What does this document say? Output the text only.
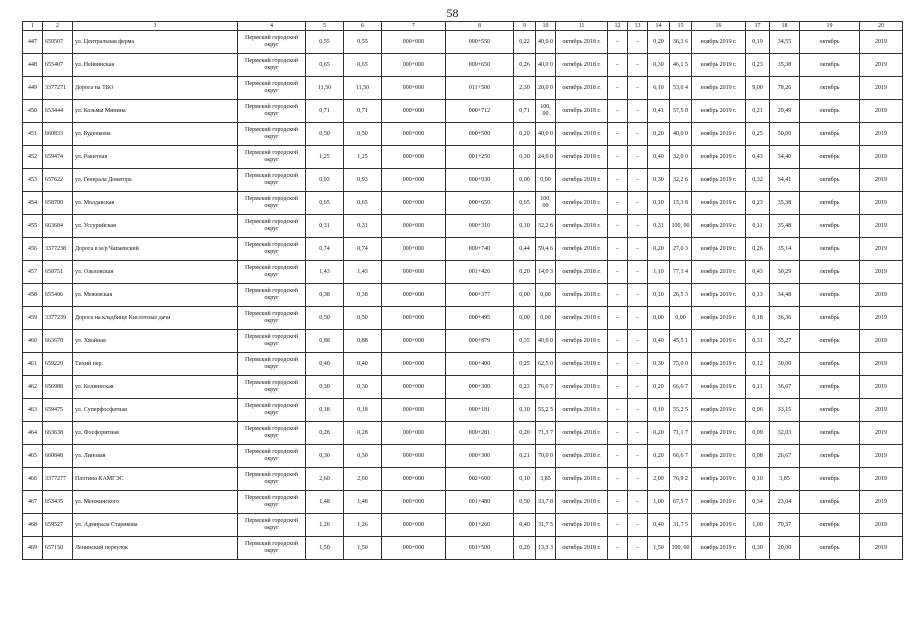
58
1	2	3	4	5	6	7	8	9	10	11	12	13	14	15	16	17	18	19	20
447	659507	ул. Центральная ферма	Пермский городской округ	0,55	0,55	000+000	000+550	0,22	40,0 0	октябрь 2018 г.	–	–	0,20	36,3 6	ноябрь 2019 г.	0,19	34,55	октябрь	2019
448	655407	ул. Нейвинская	Пермский городской округ	0,65	0,65	000+000	000+650	0,26	40,0 0	октябрь 2018 г.	–	–	0,30	46,1 5	ноябрь 2019 г.	0,23	35,38	октябрь	2019
449	3377271	Дорога на ТБО	Пермский городской округ	11,50	11,50	000+000	011+500	2,30	20,0 0	октябрь 2018 г.	–	–	6,10	53,0 4	ноябрь 2019 г.	9,00	78,26	октябрь	2019
450	653444	ул. Козьмы Минина	Пермский городской округ	0,71	0,71	000+000	000+712	0,71	100, 00	октябрь 2018 г.	–	–	0,41	57,5 8	ноябрь 2019 г.	0,21	29,49	октябрь	2019
451	660833	ул. Буденкома	Пермский городской округ	0,50	0,50	000+000	000+500	0,20	40,0 0	октябрь 2018 г.	–	–	0,20	40,0 0	ноябрь 2019 г.	0,25	50,00	октябрь	2019
452	659474	ул. Ракитная	Пермский городской округ	1,25	1,25	000+000	001+250	0,30	24,0 0	октябрь 2018 г.	–	–	0,40	32,0 0	ноябрь 2019 г.	0,43	34,40	октябрь	2019
453	657622	ул. Генерала Доватора	Пермский городской округ	0,93	0,93	000+000	000+930	0,00	0,00	октябрь 2018 г.	–	–	0,30	32,2 6	ноябрь 2019 г.	0,32	34,41	октябрь	2019
454	658700	ул. Молдавская	Пермский городской округ	0,65	0,65	000+000	000+650	0,65	100, 00	октябрь 2018 г.	–	–	0,10	15,3 8	ноябрь 2019 г.	0,23	35,38	октябрь	2019
455	663684	ул. Уссурийская	Пермский городской округ	0,31	0,31	000+000	000+310	0,10	32,2 6	октябрь 2018 г.	–	–	0,31	100, 00	ноябрь 2019 г.	0,11	35,48	октябрь	2019
456	3377238	Дорога в м/р Чапаевский	Пермский городской округ	0,74	0,74	000+000	000+740	0,44	59,4 6	октябрь 2018 г.	–	–	0,20	27,0 3	ноябрь 2019 г.	0,26	35,14	октябрь	2019
457	658751	ул. Ольховская	Пермский городской округ	1,43	1,43	000+000	001+426	0,20	14,0 3	октябрь 2018 г.	–	–	1,10	77,1 4	ноябрь 2019 г.	0,43	30,29	октябрь	2019
458	655406	ул. Межевская	Пермский городской округ	0,38	0,38	000+000	000+377	0,00	0,00	октябрь 2018 г.	–	–	0,10	26,5 3	ноябрь 2019 г.	0,13	34,48	октябрь	2019
459	3377239	Дорога на кладбище Кислотные дачи	Пермский городской округ	0,50	0,50	000+000	000+495	0,00	0,00	октябрь 2018 г.	–	–	0,00	0,00	ноябрь 2019 г.	0,18	36,36	октябрь	2019
460	663670	ул. Хвойная	Пермский городской округ	0,88	0,88	000+000	000+879	0,35	40,0 0	октябрь 2018 г.	–	–	0,40	45,5 1	ноябрь 2019 г.	0,31	35,27	октябрь	2019
461	659220	Тихий пер.	Пермский городской округ	0,40	0,40	000+000	000+400	0,25	62,5 0	октябрь 2018 г.	–	–	0,30	75,0 0	ноябрь 2019 г.	0,12	30,00	октябрь	2019
462	656988	ул. Колвинская	Пермский городской округ	0,30	0,30	000+000	000+300	0,23	76,6 7	октябрь 2018 г.	–	–	0,20	66,6 7	ноябрь 2019 г.	0,11	36,67	октябрь	2019
463	659475	ул. Суперфосфатная	Пермский городской округ	0,18	0,18	000+000	000+181	0,10	55,2 5	октябрь 2018 г.	–	–	0,10	55,2 5	ноябрь 2019 г.	0,06	33,15	октябрь	2019
464	663638	ул. Фосфоритная	Пермский городской округ	0,28	0,28	000+000	000+281	0,20	71,3 7	октябрь 2018 г.	–	–	0,20	71,1 7	ноябрь 2019 г.	0,09	32,03	октябрь	2019
465	660848	ул. Липовая	Пермский городской округ	0,30	0,30	000+000	000+300	0,21	70,0 0	октябрь 2018 г.	–	–	0,20	66,6 7	ноябрь 2019 г.	0,08	26,67	октябрь	2019
466	3377277	Плотина КАМГЭС	Пермский городской округ	2,60	2,60	000+000	002+600	0,10	3,85	октябрь 2018 г.	–	–	2,00	76,9 2	ноябрь 2019 г.	0,10	3,85	октябрь	2019
467	653435	ул. Менжинского	Пермский городской округ	1,48	1,48	000+000	001+480	0,50	33,7 8	октябрь 2018 г.	–	–	1,00	67,5 7	ноябрь 2019 г.	0,34	23,04	октябрь	2019
468	659527	ул. Адмирала Старикова	Пермский городской округ	1,26	1,26	000+000	001+260	0,40	31,7 5	октябрь 2018 г.	–	–	0,40	31,7 5	ноябрь 2019 г.	1,00	79,37	октябрь	2019
469	657150	Ленинский переулок	Пермский городской округ	1,50	1,50	000+000	001+500	0,20	13,3 3	октябрь 2018 г.	–	–	1,50	100, 00	ноябрь 2019 г.	0,30	20,00	октябрь	2019
